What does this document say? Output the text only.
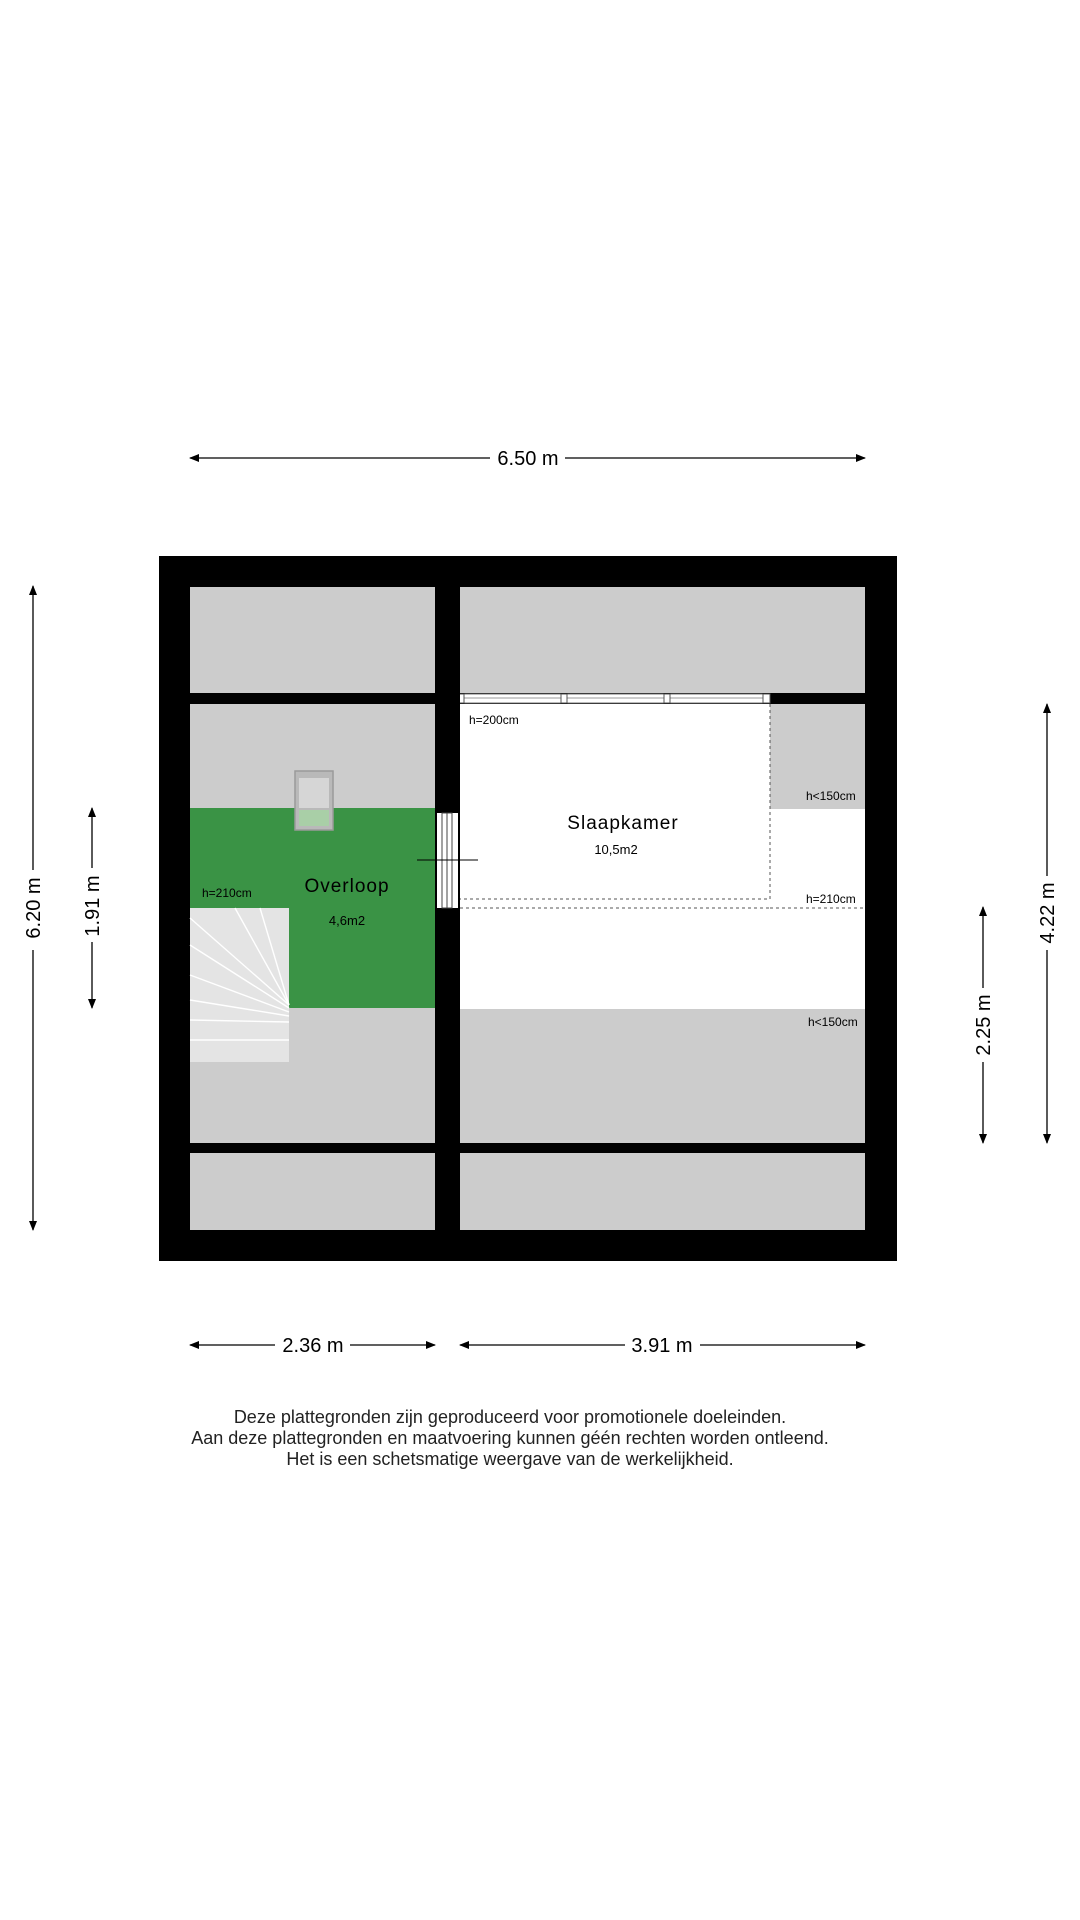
6.50 m
6.20 m 1.91 m	4.22 m
2.25 m
2.36 m	3.91 m
Overloop
4,6m2
Slaapkamer
10,5m2
h=200cm
h=210cm	h=210cm
h<150cm
h<150cm
Deze plattegronden zijn geproduceerd voor promotionele doeleinden.
Aan deze plattegronden en maatvoering kunnen géén rechten worden ontleend.
Het is een schetsmatige weergave van de werkelijkheid.
